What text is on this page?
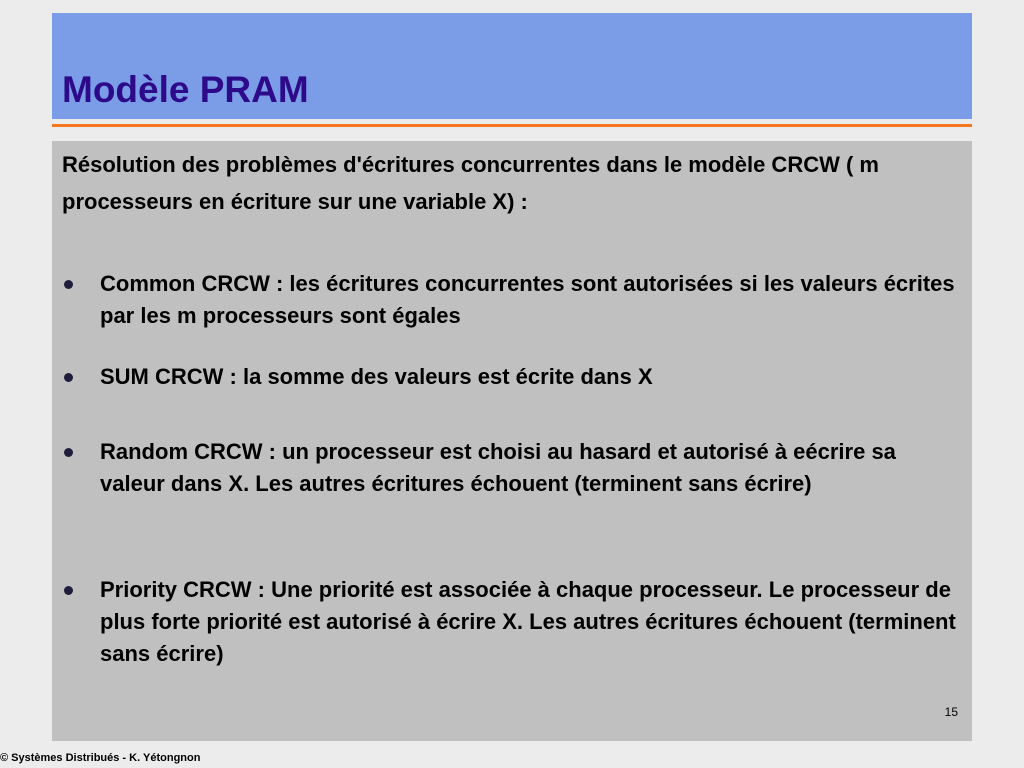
Modèle PRAM

Résolution des problèmes d'écritures concurrentes dans le modèle CRCW ( m processeurs en écriture sur une variable X) :

Common CRCW : les écritures concurrentes sont autorisées si les valeurs écrites par les m processeurs sont égales

SUM CRCW : la somme des valeurs est écrite dans X

Random CRCW : un processeur est choisi au hasard et autorisé à eécrire sa valeur dans X. Les autres écritures échouent (terminent sans écrire)

Priority CRCW : Une priorité est associée à chaque processeur. Le processeur de plus forte priorité est autorisé à écrire X. Les autres écritures échouent (terminent sans écrire)

15

© Systèmes Distribués - K. Yétongnon
